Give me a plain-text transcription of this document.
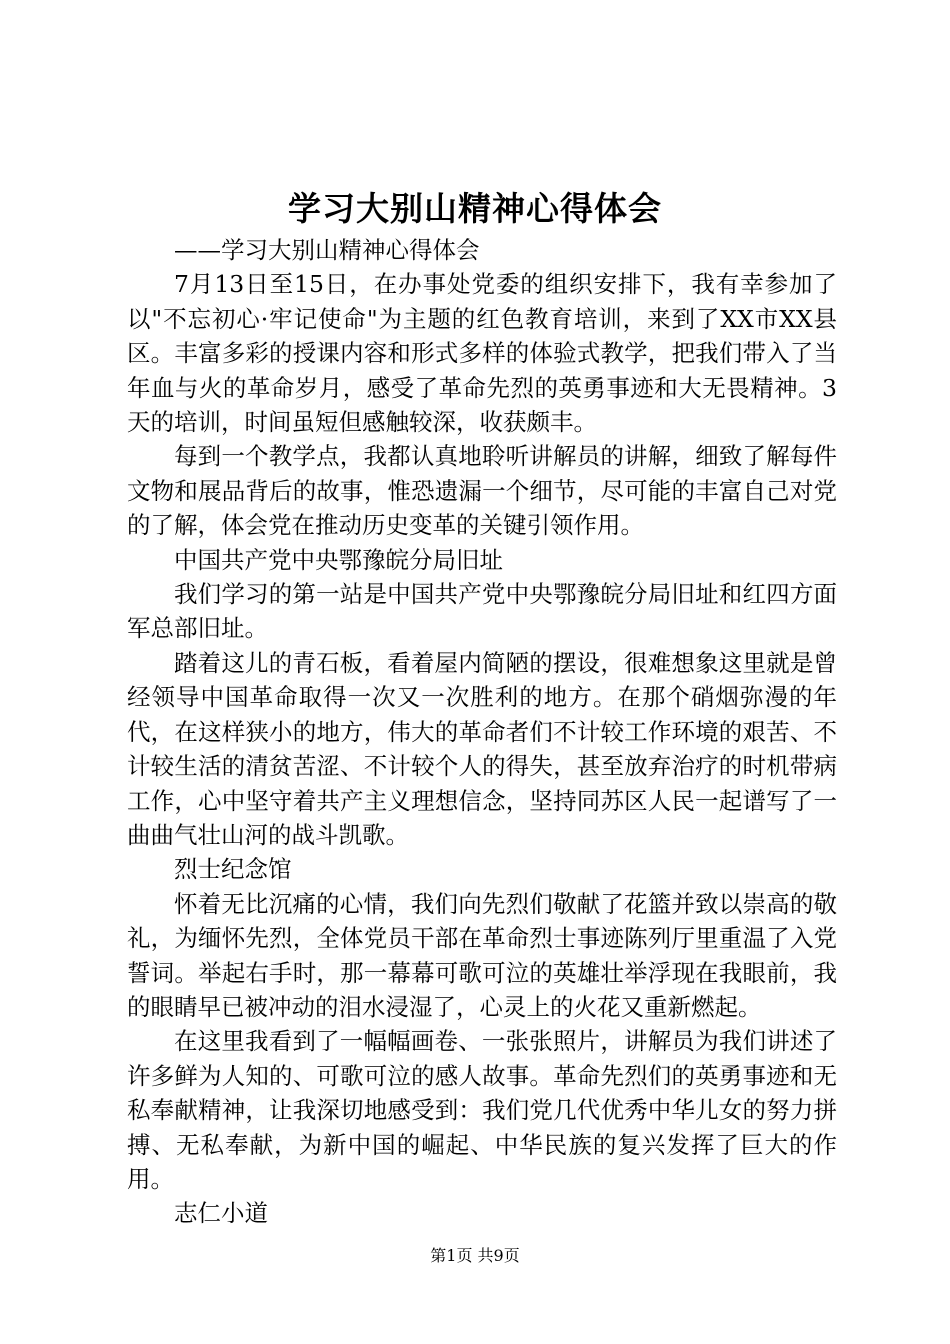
学习大别山精神心得体会

——学习大别山精神心得体会

7月13日至15日，在办事处党委的组织安排下，我有幸参加了以"不忘初心·牢记使命"为主题的红色教育培训，来到了XX市XX县区。丰富多彩的授课内容和形式多样的体验式教学，把我们带入了当年血与火的革命岁月，感受了革命先烈的英勇事迹和大无畏精神。3天的培训，时间虽短但感触较深，收获颇丰。

每到一个教学点，我都认真地聆听讲解员的讲解，细致了解每件文物和展品背后的故事，惟恐遗漏一个细节，尽可能的丰富自己对党的了解，体会党在推动历史变革的关键引领作用。

中国共产党中央鄂豫皖分局旧址

我们学习的第一站是中国共产党中央鄂豫皖分局旧址和红四方面军总部旧址。

踏着这儿的青石板，看着屋内简陋的摆设，很难想象这里就是曾经领导中国革命取得一次又一次胜利的地方。在那个硝烟弥漫的年代，在这样狭小的地方，伟大的革命者们不计较工作环境的艰苦、不计较生活的清贫苦涩、不计较个人的得失，甚至放弃治疗的时机带病工作，心中坚守着共产主义理想信念，坚持同苏区人民一起谱写了一曲曲气壮山河的战斗凯歌。

烈士纪念馆

怀着无比沉痛的心情，我们向先烈们敬献了花篮并致以崇高的敬礼，为缅怀先烈，全体党员干部在革命烈士事迹陈列厅里重温了入党誓词。举起右手时，那一幕幕可歌可泣的英雄壮举浮现在我眼前，我的眼睛早已被冲动的泪水浸湿了，心灵上的火花又重新燃起。

在这里我看到了一幅幅画卷、一张张照片，讲解员为我们讲述了许多鲜为人知的、可歌可泣的感人故事。革命先烈们的英勇事迹和无私奉献精神，让我深切地感受到：我们党几代优秀中华儿女的努力拼搏、无私奉献，为新中国的崛起、中华民族的复兴发挥了巨大的作用。

志仁小道

第1页 共9页
